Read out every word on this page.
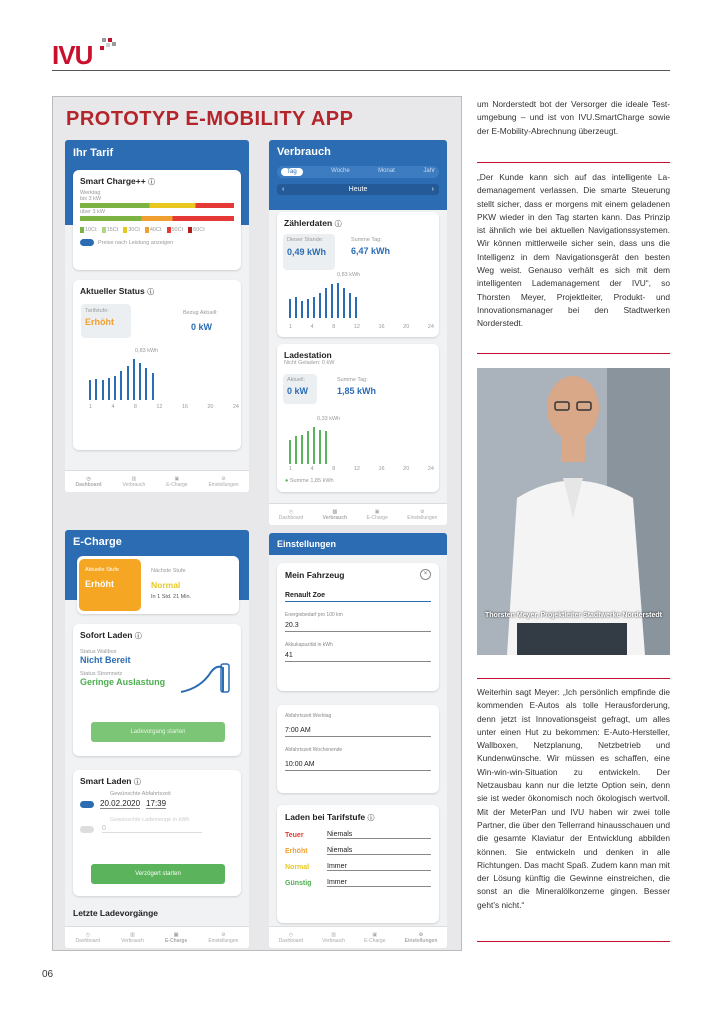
IVU
PROTOTYP E-MOBILITY APP
Ihr Tarif
Smart Charge++ ⓘ
Werktag
bis 3 kW
über 3 kW
10Ct	15Ct	30Ct	40Ct	50Ct	60Ct
Preise nach Leistung anzeigen
Aktueller Status ⓘ
Tarifstufe:
Erhöht
Bezug Aktuell:
0 kW
0,83 kWh
1	4	8	12	16	20	24
◷
Dashboard
▥
Verbrauch
▣
E-Charge
⚙
Einstellungen
Verbrauch
Tag	Woche	Monat	Jahr
‹	Heute	›
Zählerdaten ⓘ
Dieser Stande:
0,49 kWh
Summe Tag:
6,47 kWh
0,83 kWh
1	4	8	12	16	20	24
Ladestation
Nicht Geladen: 0 kW
Aktuell:
0 kW
Summe Tag:
1,85 kWh
0,33 kWh
1	4	8	12	16	20	24
● Summe 1,85 kWh
◷
Dashboard
▥
Verbrauch
▣
E-Charge
⚙
Einstellungen
E-Charge
Aktuelle Stufe
Erhöht
Nächste Stufe
Normal
In 1 Std. 21 Min.
Sofort Laden ⓘ
Status Wallbox
Nicht Bereit
Status Stromnetz
Geringe Auslastung
Ladevorgang starten
Smart Laden ⓘ
Gewünschte Abfahrtszeit
20.02.2020 17:39
Gewünschte Lademenge in kWh
0
Verzögert starten
Letzte Ladevorgänge
◷
Dashboard
▥
Verbrauch
▣
E-Charge
⚙
Einstellungen
Einstellungen
Mein Fahrzeug	×
Renault Zoe
Energiebedarf pro 100 km
20.3
Akkukapazität in kWh
41
Abfahrtszeit Werktag
7:00 AM
Abfahrtszeit Wochenende
10:00 AM
Laden bei Tarifstufe ⓘ
Teuer	Niemals
Erhöht	Niemals
Normal	Immer
Günstig	Immer
◷
Dashboard
▥
Verbrauch
▣
E-Charge
⚙
Einstellungen
um Norderstedt bot der Versorger die ideale Testumgebung – und ist von IVU.SmartCharge sowie der E-Mobility-Abrechnung überzeugt.
„Der Kunde kann sich auf das intelligente Lademanagement verlassen. Die smarte Steuerung stellt sicher, dass er morgens mit einem geladenen PKW wieder in den Tag starten kann. Das Prinzip ist ähnlich wie bei aktuellen Navigationssystemen. Wir können mittlerweile sicher sein, dass uns die Intelligenz in dem Navigationsgerät den besten Weg weist. Genauso verhält es sich mit dem intelligenten Lademanagement der IVU“, so Thorsten Meyer, Projektleiter, Produkt- und Innovationsmanager bei den Stadtwerken Norderstedt.
Thorsten Meyer, Projektleiter Stadtwerke Norderstedt
Weiterhin sagt Meyer: „Ich persönlich empfinde die kommenden E-Autos als tolle Herausforderung, denn jetzt ist Innovationsgeist gefragt, um alles unter einen Hut zu bekommen: E-Auto-Hersteller, Wallboxen, Netzplanung, Netzbetrieb und Kundenwünsche. Wir müssen es schaffen, eine Win-win-win-Situation zu entwickeln. Der Netzausbau kann nur die letzte Option sein, denn sie ist weder ökonomisch noch ökologisch wertvoll. Mit der MeterPan und IVU haben wir zwei tolle Partner, die über den Tellerrand hinausschauen und die gesamte Klaviatur der Entwicklung abbilden können. Sie entwickeln und denken in alle Richtungen. Das macht Spaß. Zudem kann man mit der Lösung künftig die Gewinne einstreichen, die sonst an die Mineralölkonzerne gingen. Besser geht’s nicht.“
06
